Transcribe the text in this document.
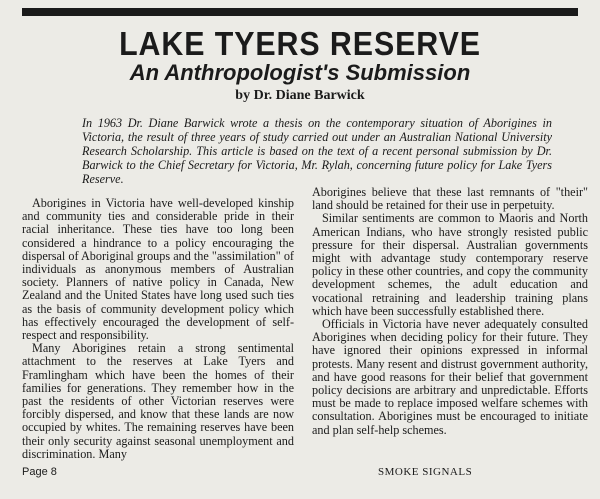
LAKE TYERS RESERVE
An Anthropologist's Submission
by Dr. Diane Barwick
In 1963 Dr. Diane Barwick wrote a thesis on the contemporary situation of Aborigines in Victoria, the result of three years of study carried out under an Australian National University Research Scholarship. This article is based on the text of a recent personal submission by Dr. Barwick to the Chief Secretary for Victoria, Mr. Rylah, concerning future policy for Lake Tyers Reserve.

Aborigines in Victoria have well-developed kinship and community ties and considerable pride in their racial inheritance. These ties have too long been considered a hindrance to a policy encouraging the dispersal of Aboriginal groups and the "assimilation" of individuals as anonymous members of Australian society. Planners of native policy in Canada, New Zealand and the United States have long used such ties as the basis of community development policy which has effectively encouraged the development of self-respect and responsibility.

Many Aborigines retain a strong sentimental attachment to the reserves at Lake Tyers and Framlingham which have been the homes of their families for generations. They remember how in the past the residents of other Victorian reserves were forcibly dispersed, and know that these lands are now occupied by whites. The remaining reserves have been their only security against seasonal unemployment and discrimination. Many

Aborigines believe that these last remnants of "their" land should be retained for their use in perpetuity.

Similar sentiments are common to Maoris and North American Indians, who have strongly resisted public pressure for their dispersal. Australian governments might with advantage study contemporary reserve policy in these other countries, and copy the community development schemes, the adult education and vocational retraining and leadership training plans which have been successfully established there.

Officials in Victoria have never adequately consulted Aborigines when deciding policy for their future. They have ignored their opinions expressed in informal protests. Many resent and distrust government authority, and have good reasons for their belief that government policy decisions are arbitrary and unpredictable. Efforts must be made to replace imposed welfare schemes with consultation. Aborigines must be encouraged to initiate and plan self-help schemes.

Page 8	SMOKE SIGNALS
